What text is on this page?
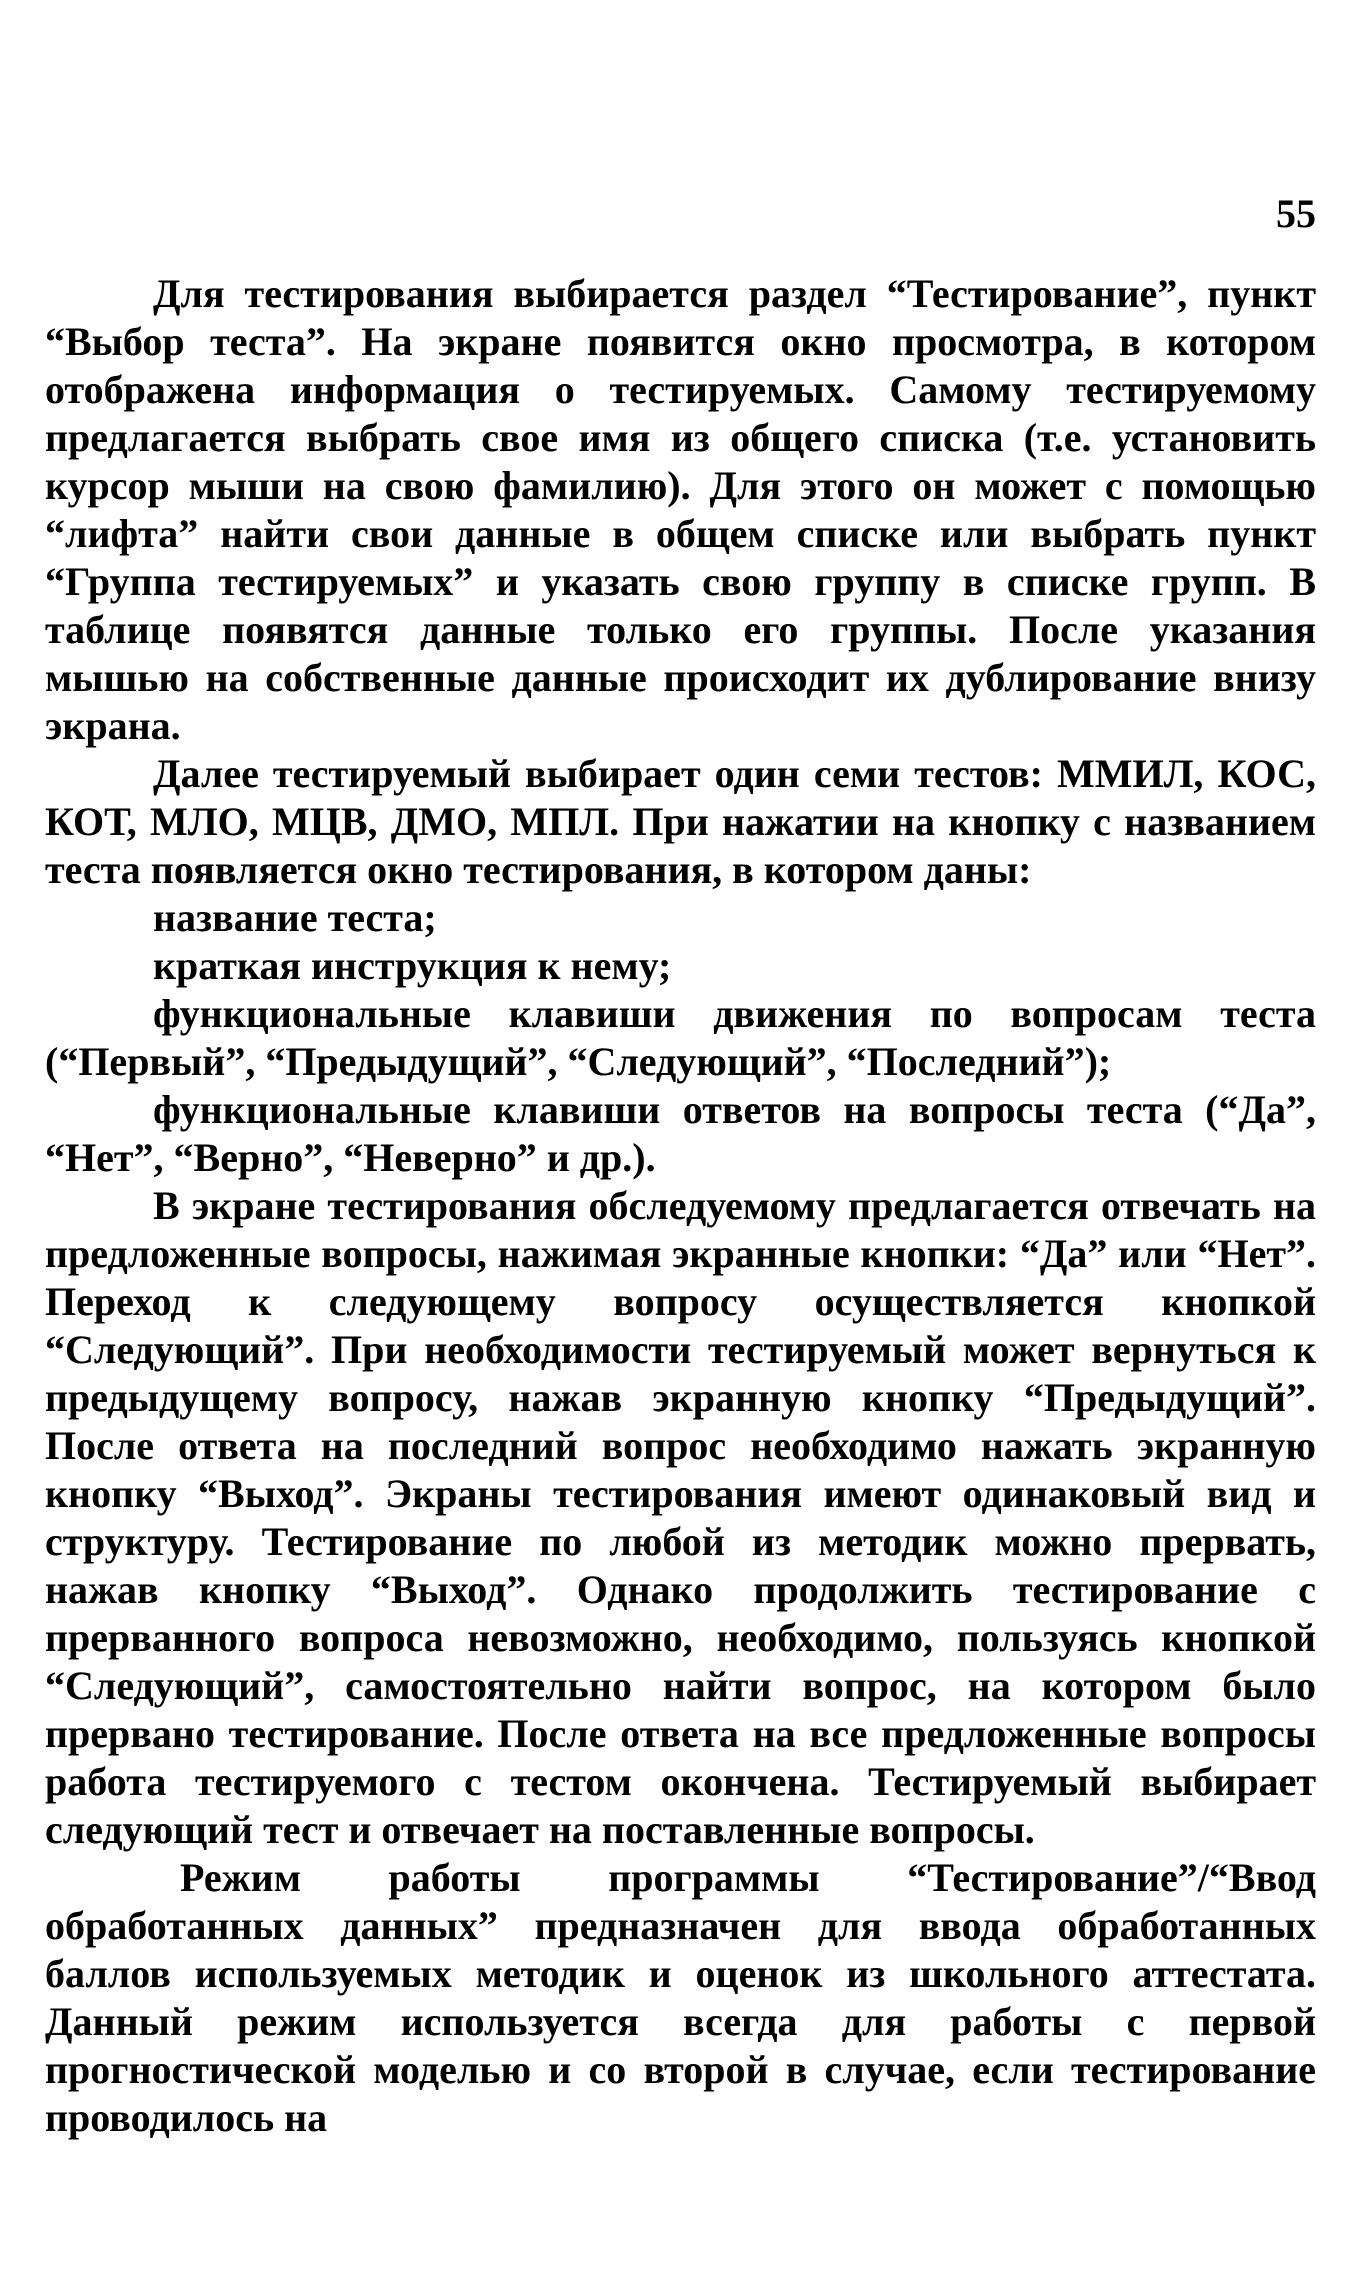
55

Для тестирования выбирается раздел “Тестирование”, пункт “Выбор теста”. На экране появится окно просмотра, в котором отображена информация о тестируемых. Самому тестируемому предлагается выбрать свое имя из общего списка (т.е. установить курсор мыши на свою фамилию). Для этого он может с помощью “лифта” найти свои данные в общем списке или выбрать пункт “Группа тестируемых” и указать свою группу в списке групп. В таблице появятся данные только его группы. После указания мышью на собственные данные происходит их дублирование внизу экрана.

Далее тестируемый выбирает один семи тестов: ММИЛ, КОС, КОТ, МЛО, МЦВ, ДМО, МПЛ. При нажатии на кнопку с названием теста появляется окно тестирования, в котором даны:

название теста;

краткая инструкция к нему;

функциональные клавиши движения по вопросам теста (“Первый”, “Предыдущий”, “Следующий”, “Последний”);

функциональные клавиши ответов на вопросы теста (“Да”, “Нет”, “Верно”, “Неверно” и др.).

В экране тестирования обследуемому предлагается отвечать на предложенные вопросы, нажимая экранные кнопки: “Да” или “Нет”. Переход к следующему вопросу осуществляется кнопкой “Следующий”. При необходимости тестируемый может вернуться к предыдущему вопросу, нажав экранную кнопку “Предыдущий”. После ответа на последний вопрос необходимо нажать экранную кнопку “Выход”. Экраны тестирования имеют одинаковый вид и структуру. Тестирование по любой из методик можно прервать, нажав кнопку “Выход”. Однако продолжить тестирование с прерванного вопроса невозможно, необходимо, пользуясь кнопкой “Следующий”, самостоятельно найти вопрос, на котором было прервано тестирование. После ответа на все предложенные вопросы работа тестируемого с тестом окончена. Тестируемый выбирает следующий тест и отвечает на поставленные вопросы.

Режим работы программы “Тестирование”/“Ввод обработанных данных” предназначен для ввода обработанных баллов используемых методик и оценок из школьного аттестата. Данный режим используется всегда для работы с первой прогностической моделью и со второй в случае, если тестирование проводилось на
